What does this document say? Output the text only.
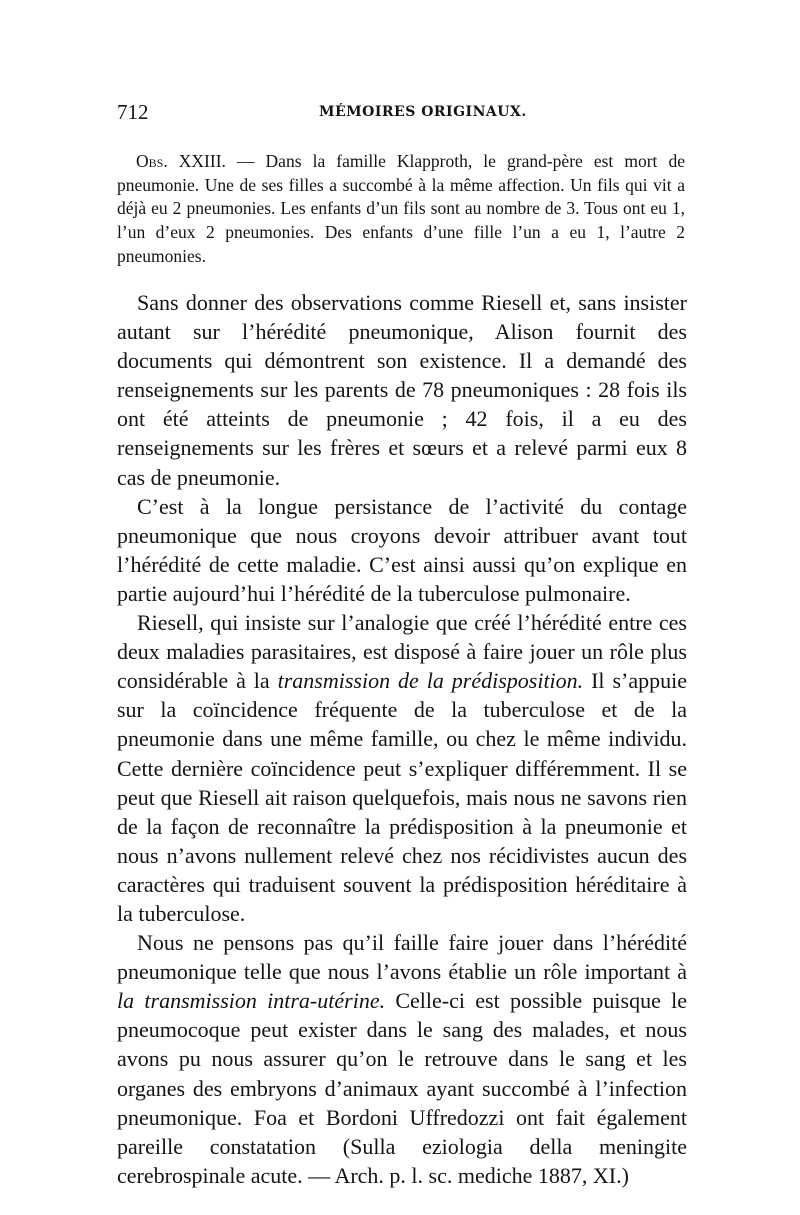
712	MÉMOIRES ORIGINAUX.

Obs. XXIII. — Dans la famille Klapproth, le grand-père est mort de pneumonie. Une de ses filles a succombé à la même affection. Un fils qui vit a déjà eu 2 pneumonies. Les enfants d’un fils sont au nombre de 3. Tous ont eu 1, l’un d’eux 2 pneumonies. Des enfants d’une fille l’un a eu 1, l’autre 2 pneumonies.

Sans donner des observations comme Riesell et, sans insister autant sur l’hérédité pneumonique, Alison fournit des documents qui démontrent son existence. Il a demandé des renseignements sur les parents de 78 pneumoniques : 28 fois ils ont été atteints de pneumonie ; 42 fois, il a eu des renseignements sur les frères et sœurs et a relevé parmi eux 8 cas de pneumonie.

C’est à la longue persistance de l’activité du contage pneumonique que nous croyons devoir attribuer avant tout l’hérédité de cette maladie. C’est ainsi aussi qu’on explique en partie aujourd’hui l’hérédité de la tuberculose pulmonaire.

Riesell, qui insiste sur l’analogie que créé l’hérédité entre ces deux maladies parasitaires, est disposé à faire jouer un rôle plus considérable à la transmission de la prédisposition. Il s’appuie sur la coïncidence fréquente de la tuberculose et de la pneumonie dans une même famille, ou chez le même individu. Cette dernière coïncidence peut s’expliquer différemment. Il se peut que Riesell ait raison quelquefois, mais nous ne savons rien de la façon de reconnaître la prédisposition à la pneumonie et nous n’avons nullement relevé chez nos récidivistes aucun des caractères qui traduisent souvent la prédisposition héréditaire à la tuberculose.

Nous ne pensons pas qu’il faille faire jouer dans l’hérédité pneumonique telle que nous l’avons établie un rôle important à la transmission intra-utérine. Celle-ci est possible puisque le pneumocoque peut exister dans le sang des malades, et nous avons pu nous assurer qu’on le retrouve dans le sang et les organes des embryons d’animaux ayant succombé à l’infection pneumonique. Foa et Bordoni Uffredozzi ont fait également pareille constatation (Sulla eziologia della meningite cerebrospinale acute. — Arch. p. l. sc. mediche 1887, XI.)
